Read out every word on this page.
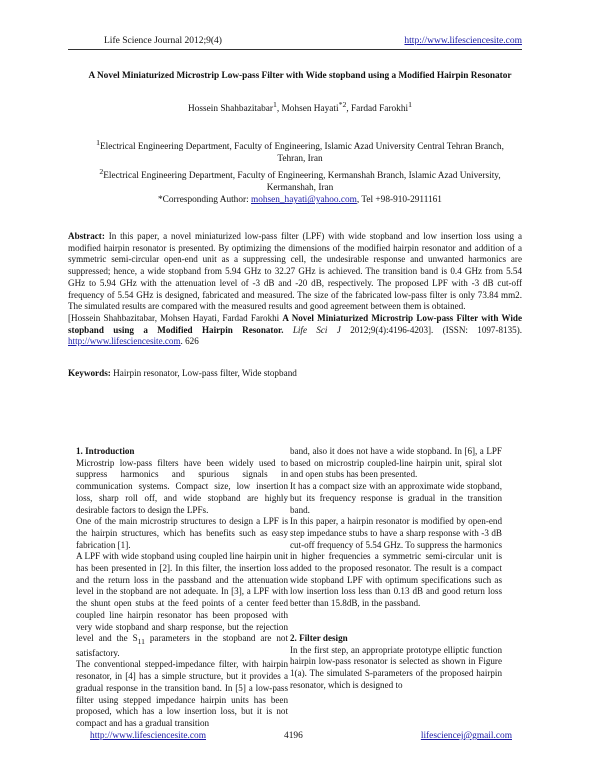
Life Science Journal 2012;9(4)	http://www.lifesciencesite.com
A Novel Miniaturized Microstrip Low-pass Filter with Wide stopband using a Modified Hairpin Resonator
Hossein Shahbazitabar$^1$, Mohsen Hayati$^{*2}$, Fardad Farokhi$^1$
$^1$Electrical Engineering Department, Faculty of Engineering, Islamic Azad University Central Tehran Branch,
Tehran, Iran
$^2$Electrical Engineering Department, Faculty of Engineering, Kermanshah Branch, Islamic Azad University,
Kermanshah, Iran
*Corresponding Author: mohsen_hayati@yahoo.com, Tel +98-910-2911161
Abstract: In this paper, a novel miniaturized low-pass filter (LPF) with wide stopband and low insertion loss using a modified hairpin resonator is presented. By optimizing the dimensions of the modified hairpin resonator and addition of a symmetric semi-circular open-end unit as a suppressing cell, the undesirable response and unwanted harmonics are suppressed; hence, a wide stopband from 5.94 GHz to 32.27 GHz is achieved. The transition band is 0.4 GHz from 5.54 GHz to 5.94 GHz with the attenuation level of -3 dB and -20 dB, respectively. The proposed LPF with -3 dB cut-off frequency of 5.54 GHz is designed, fabricated and measured. The size of the fabricated low-pass filter is only 73.84 mm2. The simulated results are compared with the measured results and good agreement between them is obtained.
[Hossein Shahbazitabar, Mohsen Hayati, Fardad Farokhi A Novel Miniaturized Microstrip Low-pass Filter with Wide stopband using a Modified Hairpin Resonator. Life Sci J 2012;9(4):4196-4203]. (ISSN: 1097-8135). http://www.lifesciencesite.com. 626
Keywords: Hairpin resonator, Low-pass filter, Wide stopband

1. Introduction

Microstrip low-pass filters have been widely used to suppress harmonics and spurious signals in communication systems. Compact size, low insertion loss, sharp roll off, and wide stopband are highly desirable factors to design the LPFs.

One of the main microstrip structures to design a LPF is the hairpin structures, which has benefits such as easy fabrication [1].

A LPF with wide stopband using coupled line hairpin unit has been presented in [2]. In this filter, the insertion loss and the return loss in the passband and the attenuation level in the stopband are not adequate. In [3], a LPF with the shunt open stubs at the feed points of a center feed coupled line hairpin resonator has been proposed with very wide stopband and sharp response, but the rejection level and the $S_{11}$ parameters in the stopband are not satisfactory.

The conventional stepped-impedance filter, with hairpin resonator, in [4] has a simple structure, but it provides a gradual response in the transition band. In [5] a low-pass filter using stepped impedance hairpin units has been proposed, which has a low insertion loss, but it is not compact and has a gradual transition

band, also it does not have a wide stopband. In [6], a LPF based on microstrip coupled-line hairpin unit, spiral slot and open stubs has been presented.

It has a compact size with an approximate wide stopband, but its frequency response is gradual in the transition band.

In this paper, a hairpin resonator is modified by open-end step impedance stubs to have a sharp response with -3 dB cut-off frequency of 5.54 GHz. To suppress the harmonics in higher frequencies a symmetric semi-circular unit is added to the proposed resonator. The result is a compact wide stopband LPF with optimum specifications such as low insertion loss less than 0.13 dB and good return loss better than 15.8dB, in the passband.

2. Filter design

In the first step, an appropriate prototype elliptic function hairpin low-pass resonator is selected as shown in Figure 1(a). The simulated S-parameters of the proposed hairpin resonator, which is designed to

http://www.lifesciencesite.com	4196	lifesciencej@gmail.com
